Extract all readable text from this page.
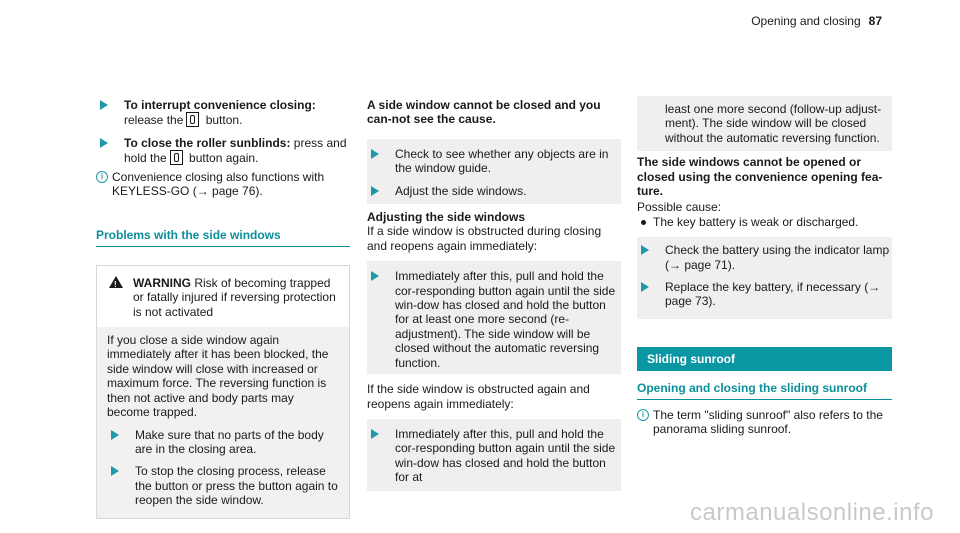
Opening and closing 87

To interrupt convenience closing: release the button.

To close the roller sunblinds: press and hold the button again.

i Convenience closing also functions with KEYLESS-GO (→ page 76).

Problems with the side windows
!

WARNING Risk of becoming trapped or fatally injured if reversing protection is not activated

If you close a side window again immediately after it has been blocked, the side window will close with increased or maximum force. The reversing function is then not active and body parts may become trapped.

Make sure that no parts of the body are in the closing area.

To stop the closing process, release the button or press the button again to reopen the side window.

A side window cannot be closed and you can-not see the cause.

Check to see whether any objects are in the window guide.

Adjust the side windows.

Adjusting the side windows

If a side window is obstructed during closing and reopens again immediately:

Immediately after this, pull and hold the cor-responding button again until the side win-dow has closed and hold the button for at least one more second (re-adjustment). The side window will be closed without the automatic reversing function.

If the side window is obstructed again and reopens again immediately:

Immediately after this, pull and hold the cor-responding button again until the side win-dow has closed and hold the button for at

least one more second (follow-up adjust-ment). The side window will be closed without the automatic reversing function.

The side windows cannot be opened or closed using the convenience opening fea-ture.

Possible cause:

The key battery is weak or discharged.

Check the battery using the indicator lamp (→ page 71).

Replace the key battery, if necessary (→ page 73).

Sliding sunroof
Opening and closing the sliding sunroof
i The term "sliding sunroof" also refers to the panorama sliding sunroof.

carmanualsonline.info
